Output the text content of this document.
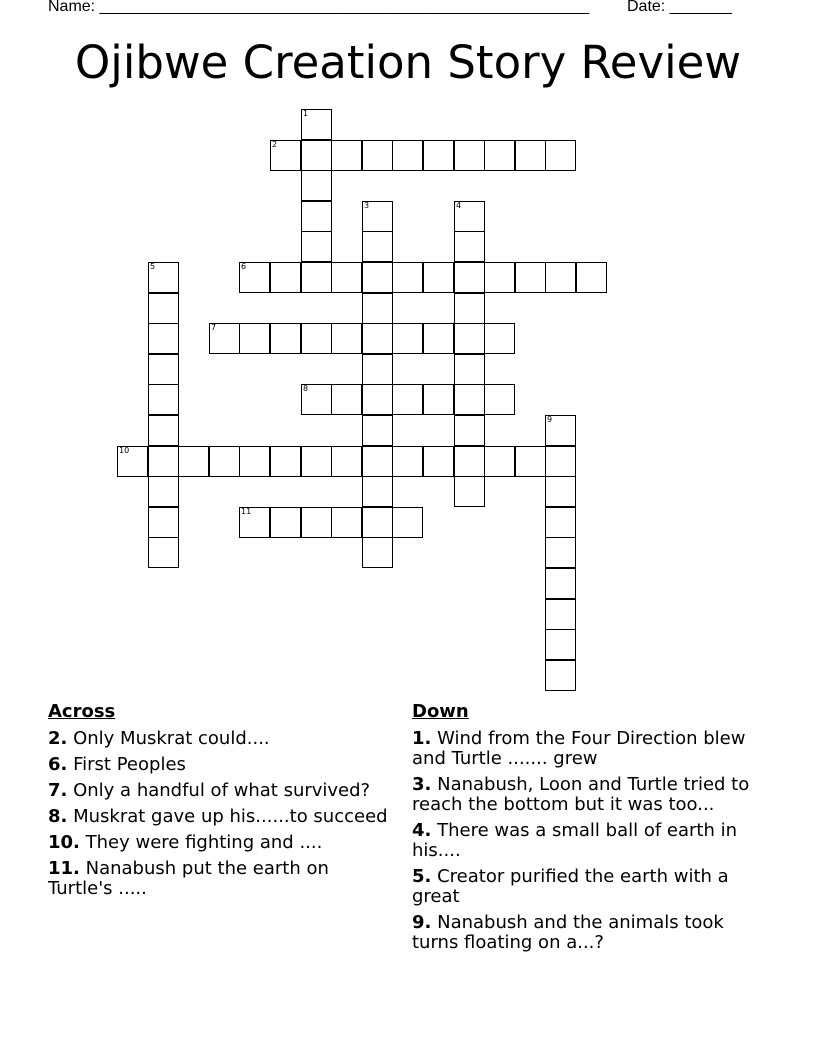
Name: _______________________________________________________ Date: _______
Ojibwe Creation Story Review
1
2
3	4
5	6
7
8
9
10
11
Across
2. Only Muskrat could....
6. First Peoples
7. Only a handful of what survived?
8. Muskrat gave up his......to succeed
10. They were fighting and ....
11. Nanabush put the earth on Turtle's .....
Down
1. Wind from the Four Direction blew and Turtle ....... grew
3. Nanabush, Loon and Turtle tried to reach the bottom but it was too...
4. There was a small ball of earth in his....
5. Creator purified the earth with a great
9. Nanabush and the animals took turns floating on a...?
